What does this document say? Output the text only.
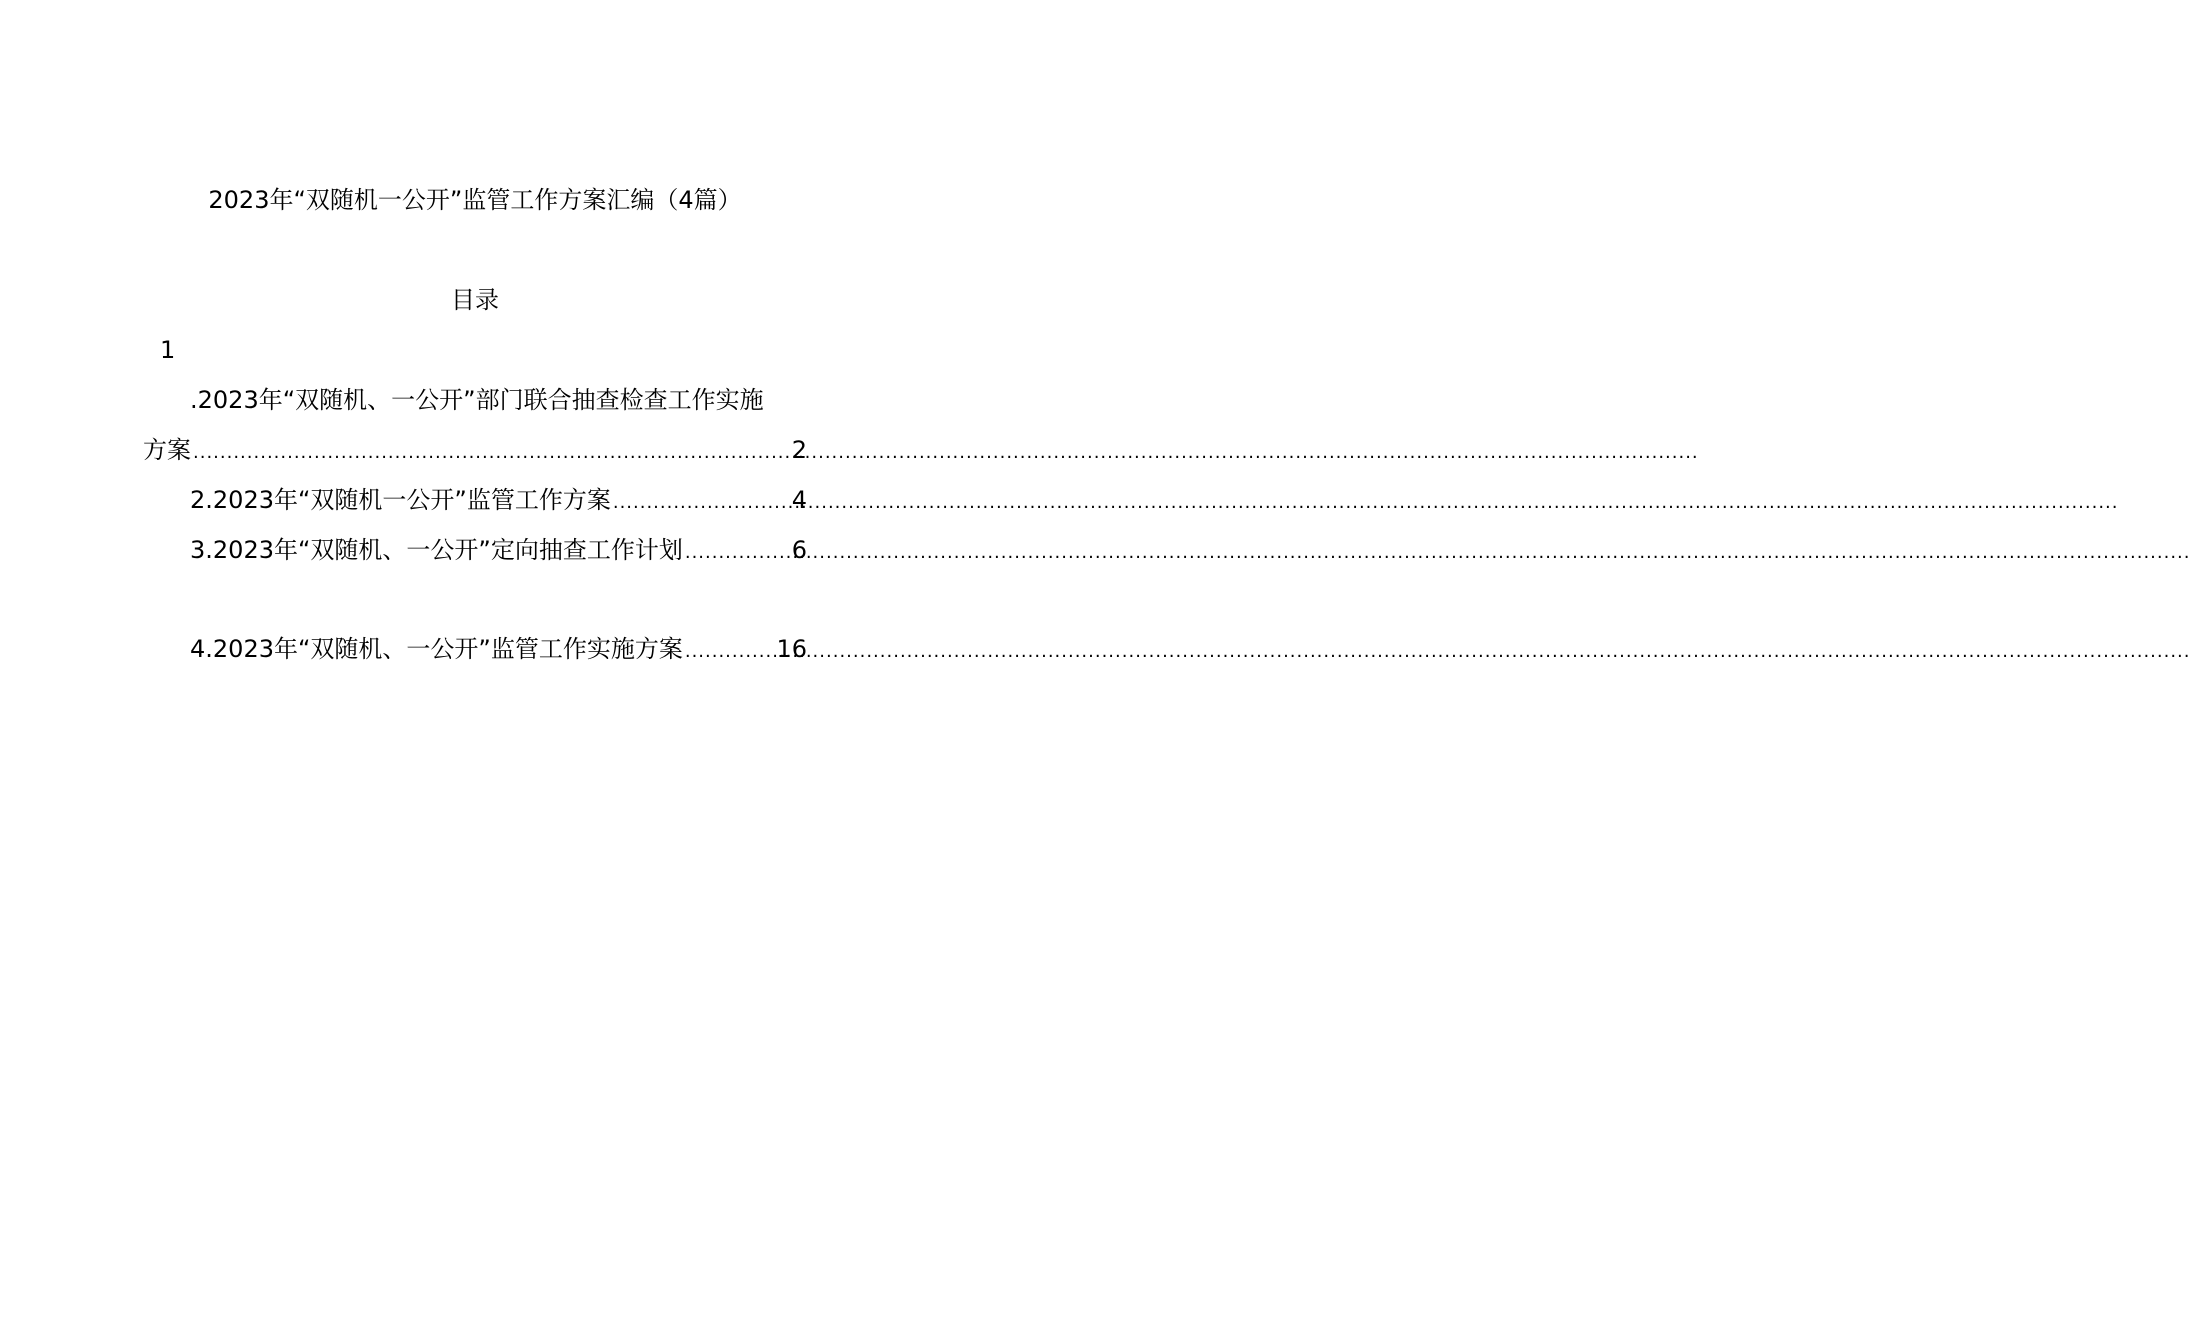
2023年“双随机一公开”监管工作方案汇编（4篇）
目录
1
.2023年“双随机、一公开”部门联合抽查检查工作实施
方案 .....	2
2.2023年“双随机一公开”监管工作方案 .....	4
3.2023年“双随机、一公开”定向抽查工作计划 .....	6
4.2023年“双随机、一公开”监管工作实施方案 .....	16
